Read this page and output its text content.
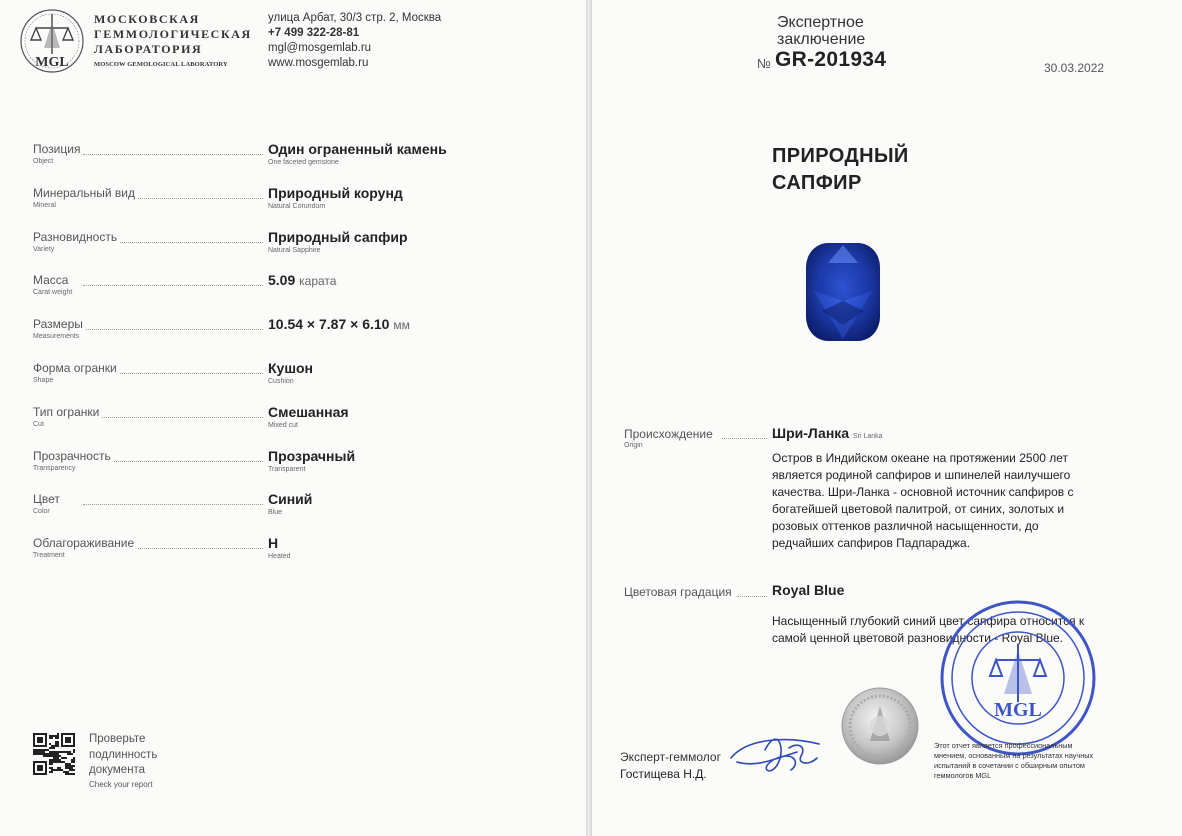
MGL
МОСКОВСКАЯ
ГЕММОЛОГИЧЕСКАЯ
ЛАБОРАТОРИЯ
MOSCOW GEMOLOGICAL LABORATORY
улица Арбат, 30/3 стр. 2, Москва
+7 499 322-28-81
mgl@mosgemlab.ru
www.mosgemlab.ru
Позиция
Object
Один ограненный камень
One faceted gemstone
Минеральный вид
Mineral
Природный корунд
Natural Corundum
Разновидность
Variety
Природный сапфир
Natural Sapphire
Масса
Carat weight
5.09 карата
Размеры
Measurements
10.54 × 7.87 × 6.10 мм
Форма огранки
Shape
Кушон
Cushion
Тип огранки
Cut
Смешанная
Mixed cut
Прозрачность
Transparency
Прозрачный
Transparent
Цвет
Color
Синий
Blue
Облагораживание
Treatment
H
Heated
Проверьте
подлинность
документа
Check your report
Экспертное
заключение
№ GR-201934	30.03.2022
ПРИРОДНЫЙ
САПФИР
Происхождение
Origin
Шри-Ланка Sri Lanka
Остров в Индийском океане на протяжении 2500 лет является родиной сапфиров и шпинелей наилучшего качества. Шри-Ланка - основной источник сапфиров с богатейшей цветовой палитрой, от синих, золотых и розовых оттенков различной насыщенности, до редчайших сапфиров Падпараджа.
Цветовая градация	Royal Blue
Насыщенный глубокий синий цвет сапфира относится к самой ценной цветовой разновидности - Royal Blue.
Эксперт-геммолог
Гостищева Н.Д.
MGL
Этот отчет является профессиональным мнением, основанным на результатах научных испытаний в сочетании с обширным опытом геммологов MGL
